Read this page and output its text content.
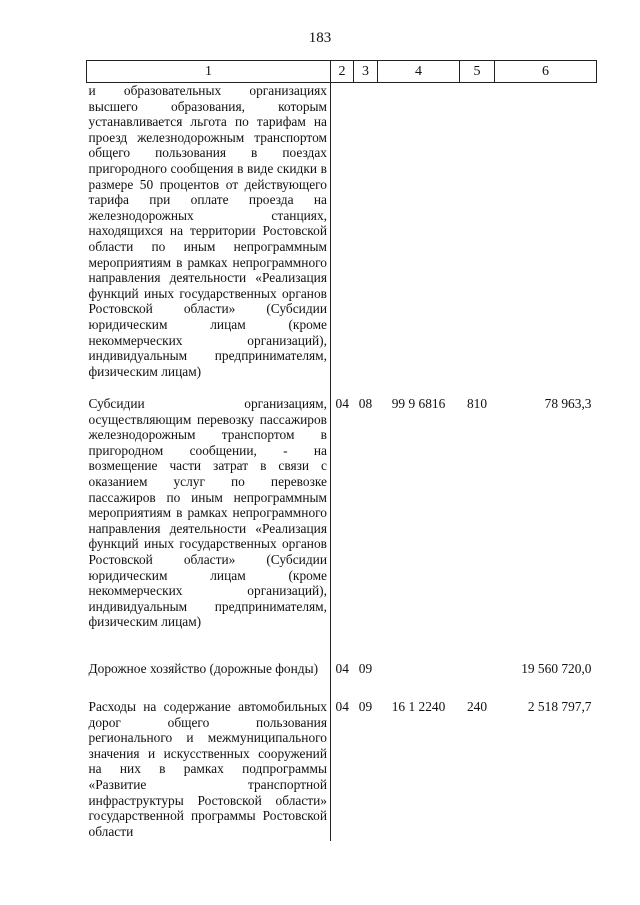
183
1	2	3	4	5	6
и образовательных организациях высшего образования, которым устанавливается льгота по тарифам на проезд железнодорожным транспортом общего пользования в поездах пригородного сообщения в виде скидки в размере 50 процентов от действующего тарифа при оплате проезда на железнодорожных станциях, находящихся на территории Ростовской области по иным непрограммным мероприятиям в рамках непрограммного направления деятельности «Реализация функций иных государственных органов Ростовской области» (Субсидии юридическим лицам (кроме некоммерческих организаций), индивидуальным предпринимателям, физическим лицам)					
Субсидии организациям, осуществляющим перевозку пассажиров железнодорожным транспортом в пригородном сообщении, - на возмещение части затрат в связи с оказанием услуг по перевозке пассажиров по иным непрограммным мероприятиям в рамках непрограммного направления деятельности «Реализация функций иных государственных органов Ростовской области» (Субсидии юридическим лицам (кроме некоммерческих организаций), индивидуальным предпринимателям, физическим лицам)	04	08	99 9 6816	810	78 963,3
Дорожное хозяйство (дорожные фонды)	04	09			19 560 720,0
Расходы на содержание автомобильных дорог общего пользования регионального и межмуниципального значения и искусственных сооружений на них в рамках подпрограммы «Развитие транспортной инфраструктуры Ростовской области» государственной программы Ростовской области	04	09	16 1 2240	240	2 518 797,7
